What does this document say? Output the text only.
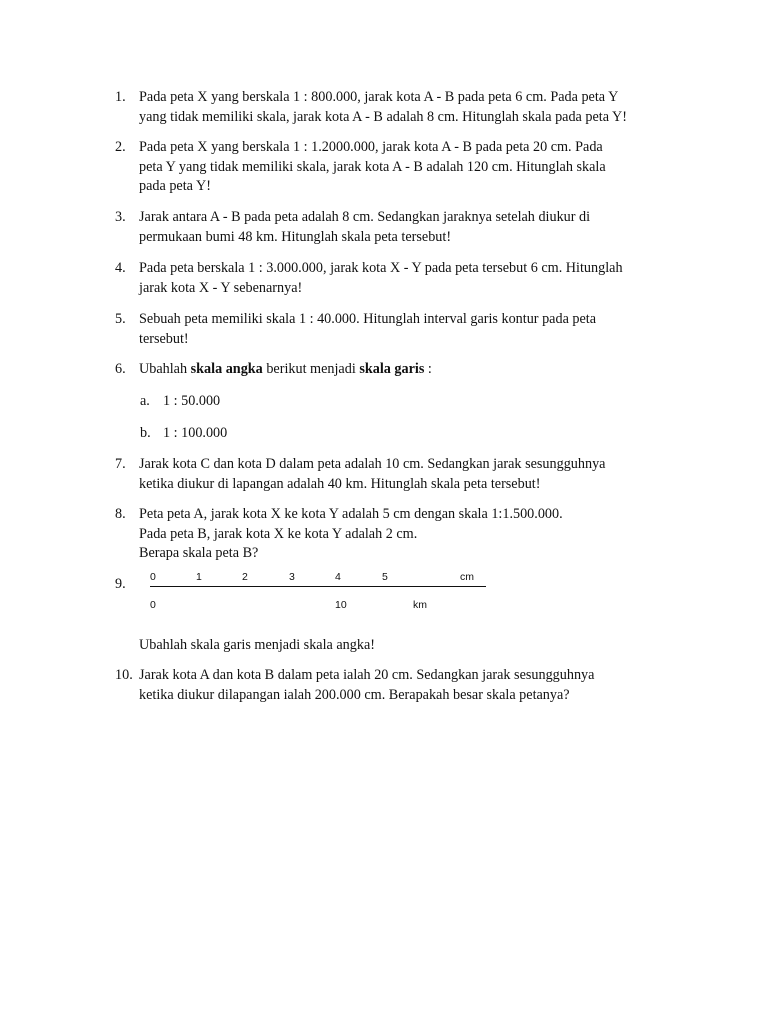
1. Pada peta X yang berskala 1 : 800.000, jarak kota A - B pada peta 6 cm. Pada peta Y
yang tidak memiliki skala, jarak kota A - B adalah 8 cm. Hitunglah skala pada peta Y!
2. Pada peta X yang berskala 1 : 1.2000.000, jarak kota A - B pada peta 20 cm. Pada
peta Y yang tidak memiliki skala, jarak kota A - B adalah 120 cm. Hitunglah skala
pada peta Y!
3. Jarak antara A - B pada peta adalah 8 cm. Sedangkan jaraknya setelah diukur di
permukaan bumi 48 km. Hitunglah skala peta tersebut!
4. Pada peta berskala 1 : 3.000.000, jarak kota X - Y pada peta tersebut 6 cm. Hitunglah
jarak kota X - Y sebenarnya!
5. Sebuah peta memiliki skala 1 : 40.000. Hitunglah interval garis kontur pada peta
tersebut!
6. Ubahlah skala angka berikut menjadi skala garis :
a. 1 : 50.000
b. 1 : 100.000
7. Jarak kota C dan kota D dalam peta adalah 10 cm. Sedangkan jarak sesungguhnya
ketika diukur di lapangan adalah 40 km. Hitunglah skala peta tersebut!
8. Peta peta A, jarak kota X ke kota Y adalah 5 cm dengan skala 1:1.500.000.
Pada peta B, jarak kota X ke kota Y adalah 2 cm.
Berapa skala peta B?
9.	0	1	2	3	4	5	cm
0	10	km
Ubahlah skala garis menjadi skala angka!
10. Jarak kota A dan kota B dalam peta ialah 20 cm. Sedangkan jarak sesungguhnya
ketika diukur dilapangan ialah 200.000 cm. Berapakah besar skala petanya?
